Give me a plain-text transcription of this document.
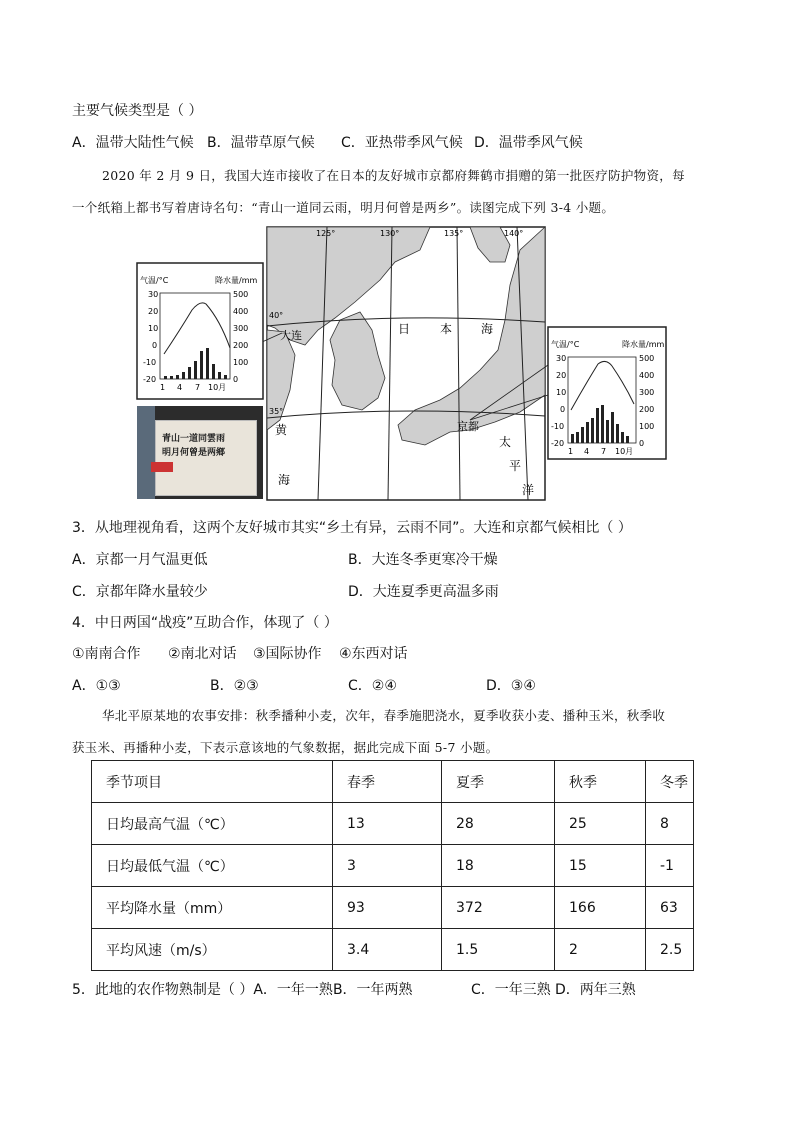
主要气候类型是（ ）
A．温带大陆性气候 B．温带草原气候 C．亚热带季风气候 D．温带季风气候
2020 年 2 月 9 日，我国大连市接收了在日本的友好城市京都府舞鹤市捐赠的第一批医疗防护物资，每
一个纸箱上都书写着唐诗名句：“青山一道同云雨，明月何曾是两乡”。读图完成下列 3-4 小题。
125°	130°	135°	140°
40°
35°
大连	日 本 海
京都
黄
海
太
平
洋
气温/°C	降水量/mm
30
20
10
0
-10
-20
500
400
300
200
100
0
1 4 7 10月
气温/°C	降水量/mm
30
20
10
0
-10
-20
500
400
300
200
100
0
1 4 7 10月
青山一道同雲雨
明月何曾是两鄉
3．从地理视角看，这两个友好城市其实“乡土有异，云雨不同”。大连和京都气候相比（ ）
A．京都一月气温更低	B．大连冬季更寒冷干燥
C．京都年降水量较少	D．大连夏季更高温多雨
4．中日两国“战疫”互助合作，体现了（ ）
①南南合作 ②南北对话 ③国际协作 ④东西对话
A．①③	B．②③	C．②④	D．③④
华北平原某地的农事安排：秋季播种小麦，次年，春季施肥浇水，夏季收获小麦、播种玉米，秋季收
获玉米、再播种小麦，下表示意该地的气象数据，据此完成下面 5-7 小题。
季节项目	春季	夏季	秋季	冬季
日均最高气温（℃）	13	28	25	8
日均最低气温（℃）	3	18	15	-1
平均降水量（mm）	93	372	166	63
平均风速（m/s）	3.4	1.5	2	2.5
5．此地的农作物熟制是（ ）A．一年一熟B．一年两熟	C．一年三熟 D．两年三熟
